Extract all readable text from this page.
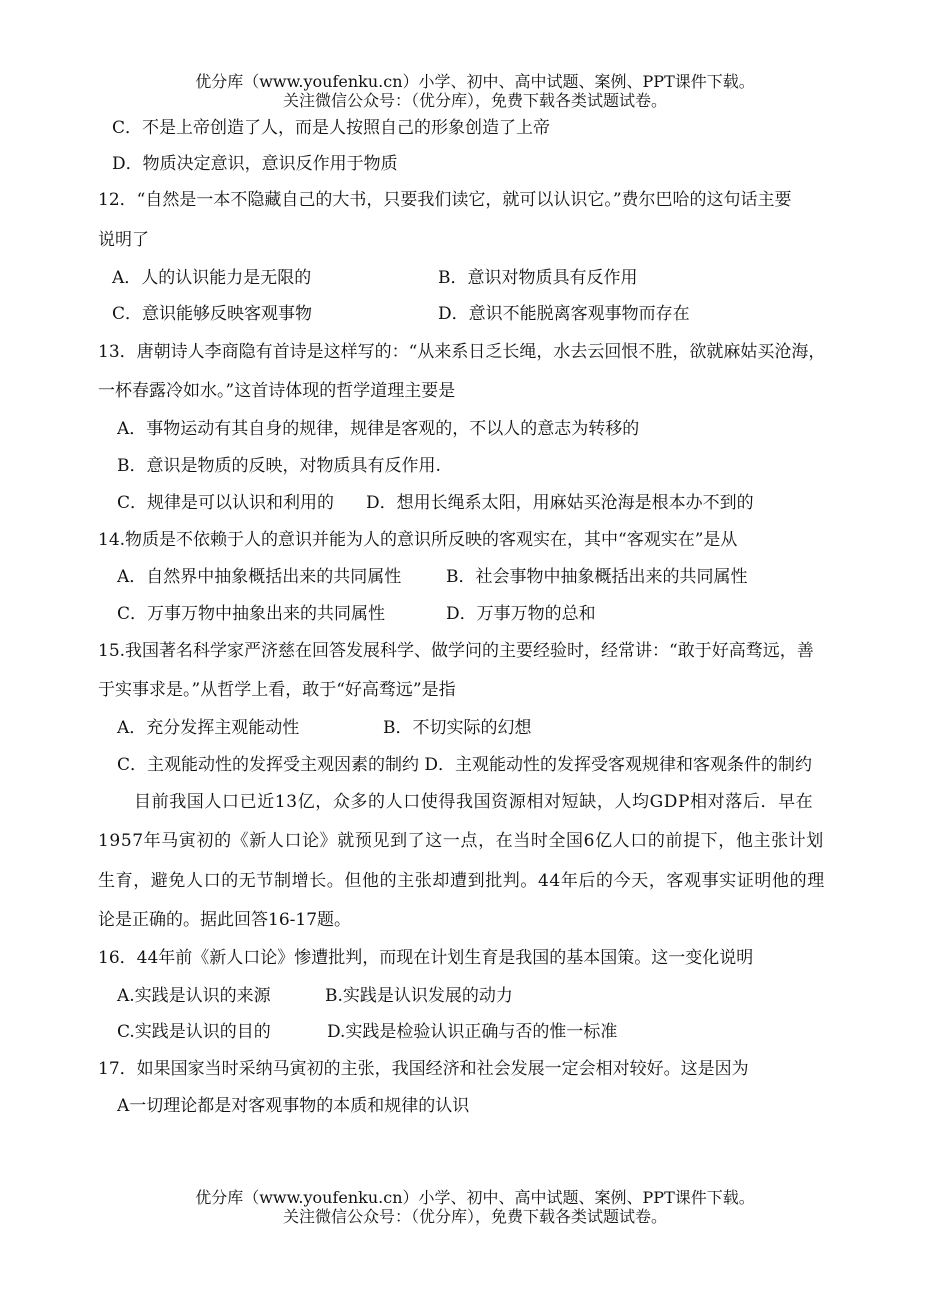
优分库（www.youfenku.cn）小学、初中、高中试题、案例、PPT课件下载。
关注微信公众号：（优分库），免费下载各类试题试卷。
C．不是上帝创造了人，而是人按照自己的形象创造了上帝
D．物质决定意识，意识反作用于物质
12．“自然是一本不隐藏自己的大书，只要我们读它，就可以认识它。”费尔巴哈的这句话主要
说明了
A．人的认识能力是无限的	B．意识对物质具有反作用
C．意识能够反映客观事物	D．意识不能脱离客观事物而存在
13．唐朝诗人李商隐有首诗是这样写的：“从来系日乏长绳，水去云回恨不胜，欲就麻姑买沧海，
一杯春露冷如水。”这首诗体现的哲学道理主要是
A．事物运动有其自身的规律，规律是客观的，不以人的意志为转移的
B．意识是物质的反映，对物质具有反作用.
C．规律是可以认识和利用的 D．想用长绳系太阳，用麻姑买沧海是根本办不到的
14.物质是不依赖于人的意识并能为人的意识所反映的客观实在，其中“客观实在”是从
A．自然界中抽象概括出来的共同属性	B．社会事物中抽象概括出来的共同属性
C．万事万物中抽象出来的共同属性	D．万事万物的总和
15.我国著名科学家严济慈在回答发展科学、做学问的主要经验时，经常讲：“敢于好高骛远，善
于实事求是。”从哲学上看，敢于“好高骛远”是指
A．充分发挥主观能动性	B．不切实际的幻想
C．主观能动性的发挥受主观因素的制约 D．主观能动性的发挥受客观规律和客观条件的制约
目前我国人口已近13亿，众多的人口使得我国资源相对短缺，人均GDP相对落后．早在
1957年马寅初的《新人口论》就预见到了这一点，在当时全国6亿人口的前提下，他主张计划
生育，避免人口的无节制增长。但他的主张却遭到批判。44年后的今天，客观事实证明他的理
论是正确的。据此回答16-17题。
16．44年前《新人口论》惨遭批判，而现在计划生育是我国的基本国策。这一变化说明
A.实践是认识的来源	B.实践是认识发展的动力
C.实践是认识的目的	D.实践是检验认识正确与否的惟一标准
17．如果国家当时采纳马寅初的主张，我国经济和社会发展一定会相对较好。这是因为
A一切理论都是对客观事物的本质和规律的认识
优分库（www.youfenku.cn）小学、初中、高中试题、案例、PPT课件下载。
关注微信公众号：（优分库），免费下载各类试题试卷。
